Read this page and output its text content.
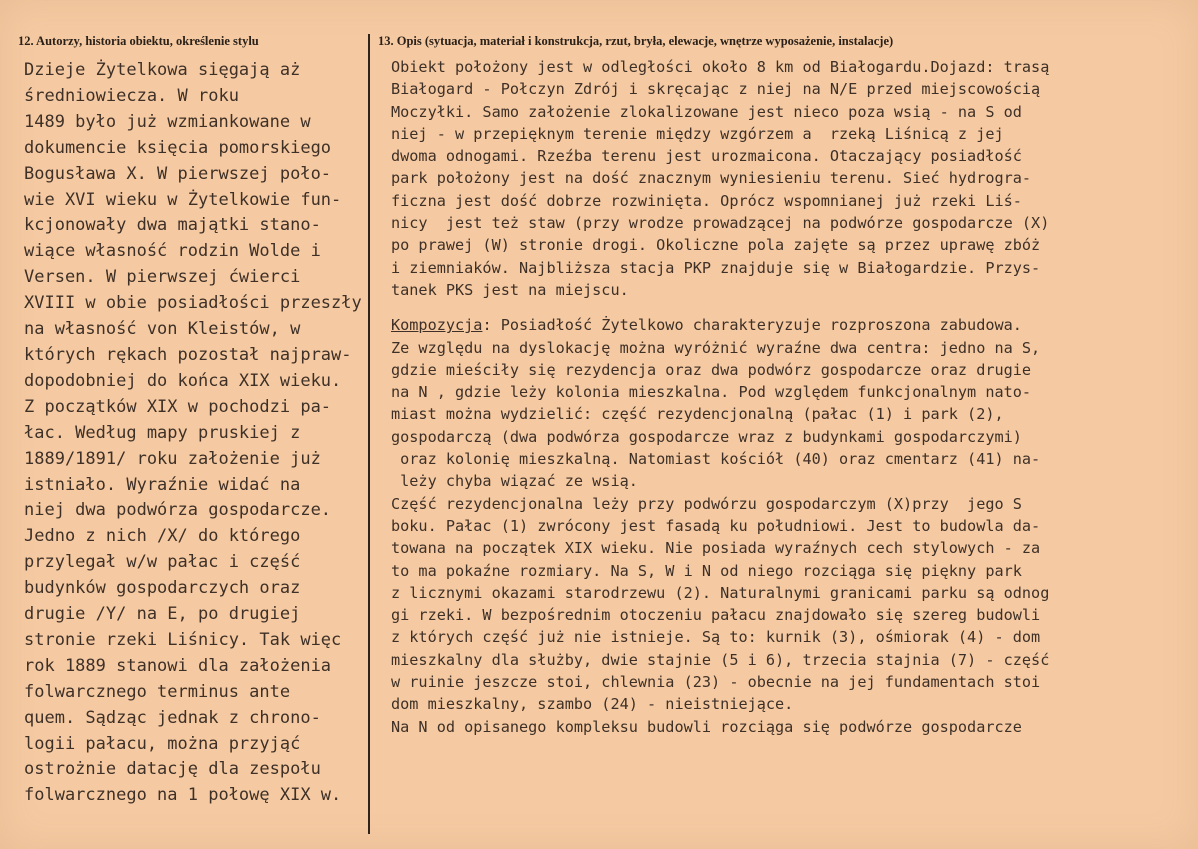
12. Autorzy, historia obiektu, określenie stylu	13. Opis (sytuacja, materiał i konstrukcja, rzut, bryła, elewacje, wnętrze wyposażenie, instalacje)
Dzieje Żytelkowa sięgają aż
średniowiecza. W roku
1489 było już wzmiankowane w
dokumencie księcia pomorskiego
Bogusława X. W pierwszej poło-
wie XVI wieku w Żytelkowie fun-
kcjonowały dwa majątki stano-
wiące własność rodzin Wolde i
Versen. W pierwszej ćwierci
XVIII w obie posiadłości przeszły
na własność von Kleistów, w
których rękach pozostał najpraw-
dopodobniej do końca XIX wieku.
Z początków XIX w pochodzi pa-
łac. Według mapy pruskiej z
1889/1891/ roku założenie już
istniało. Wyraźnie widać na
niej dwa podwórza gospodarcze.
Jedno z nich /X/ do którego
przylegał w/w pałac i część
budynków gospodarczych oraz
drugie /Y/ na E, po drugiej
stronie rzeki Liśnicy. Tak więc
rok 1889 stanowi dla założenia
folwarcznego terminus ante
quem. Sądząc jednak z chrono-
logii pałacu, można przyjąć
ostrożnie datację dla zespołu
folwarcznego na 1 połowę XIX w.
Obiekt położony jest w odległości około 8 km od Białogardu.Dojazd: trasą
Białogard - Połczyn Zdrój i skręcając z niej na N/E przed miejscowością
Moczyłki. Samo założenie zlokalizowane jest nieco poza wsią - na S od
niej - w przepięknym terenie między wzgórzem a  rzeką Liśnicą z jej
dwoma odnogami. Rzeźba terenu jest urozmaicona. Otaczający posiadłość
park położony jest na dość znacznym wyniesieniu terenu. Sieć hydrogra-
ficzna jest dość dobrze rozwinięta. Oprócz wspomnianej już rzeki Liś-
nicy  jest też staw (przy wrodze prowadzącej na podwórze gospodarcze (X)
po prawej (W) stronie drogi. Okoliczne pola zajęte są przez uprawę zbóż
i ziemniaków. Najbliższa stacja PKP znajduje się w Białogardzie. Przys-
tanek PKS jest na miejscu.
Kompozycja: Posiadłość Żytelkowo charakteryzuje rozproszona zabudowa.
Ze względu na dyslokację można wyróżnić wyraźne dwa centra: jedno na S,
gdzie mieściły się rezydencja oraz dwa podwórz gospodarcze oraz drugie
na N , gdzie leży kolonia mieszkalna. Pod względem funkcjonalnym nato-
miast można wydzielić: część rezydencjonalną (pałac (1) i park (2),
gospodarczą (dwa podwórza gospodarcze wraz z budynkami gospodarczymi)
oraz kolonię mieszkalną. Natomiast kościół (40) oraz cmentarz (41) na-
leży chyba wiązać ze wsią.
Część rezydencjonalna leży przy podwórzu gospodarczym (X)przy  jego S
boku. Pałac (1) zwrócony jest fasadą ku południowi. Jest to budowla da-
towana na początek XIX wieku. Nie posiada wyraźnych cech stylowych - za
to ma pokaźne rozmiary. Na S, W i N od niego rozciąga się piękny park
z licznymi okazami starodrzewu (2). Naturalnymi granicami parku są odnog
gi rzeki. W bezpośrednim otoczeniu pałacu znajdowało się szereg budowli
z których część już nie istnieje. Są to: kurnik (3), ośmiorak (4) - dom
mieszkalny dla służby, dwie stajnie (5 i 6), trzecia stajnia (7) - część
w ruinie jeszcze stoi, chlewnia (23) - obecnie na jej fundamentach stoi
dom mieszkalny, szambo (24) - nieistniejące.
Na N od opisanego kompleksu budowli rozciąga się podwórze gospodarcze
